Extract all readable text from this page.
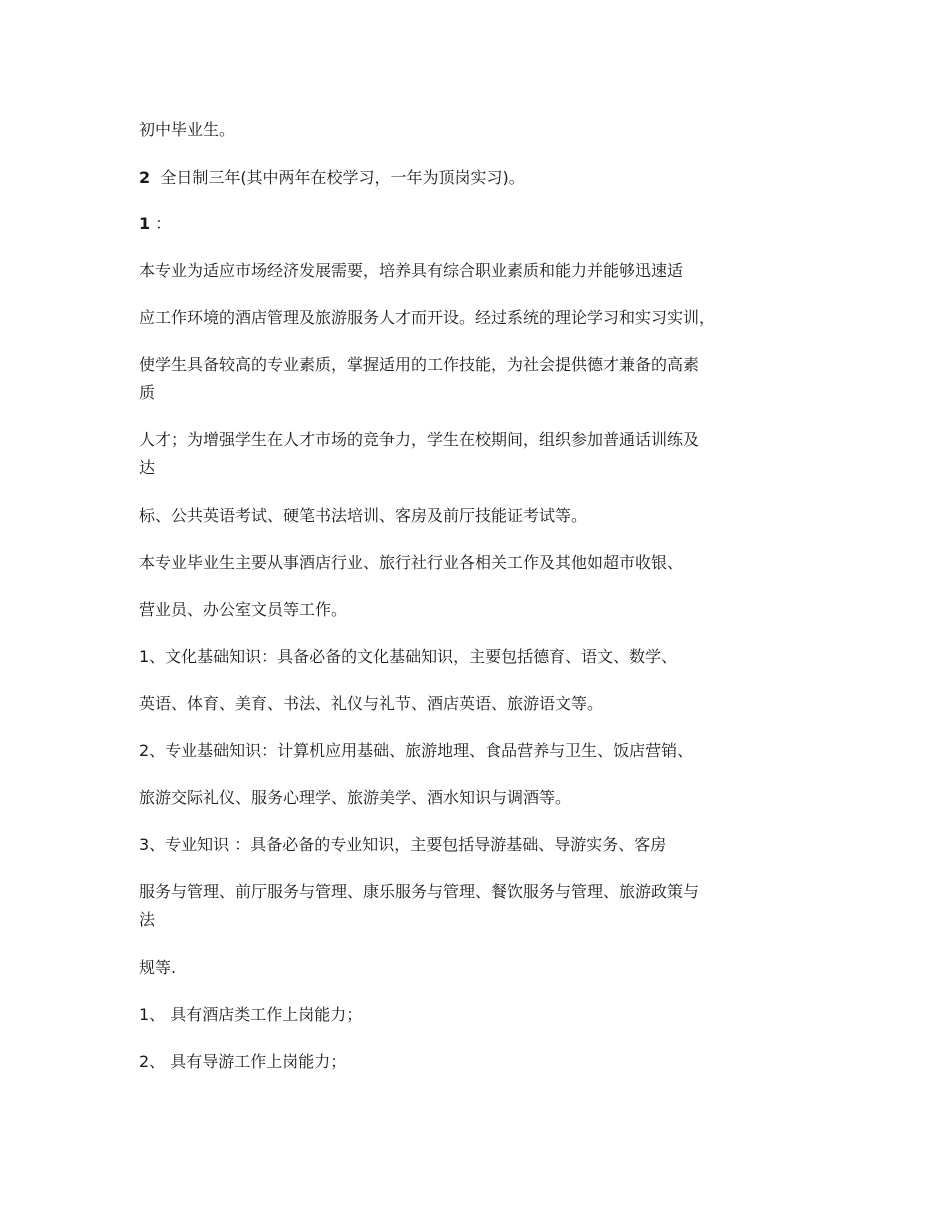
初中毕业生。
2 全日制三年(其中两年在校学习，一年为顶岗实习)。
1 ：
本专业为适应市场经济发展需要，培养具有综合职业素质和能力并能够迅速适
应工作环境的酒店管理及旅游服务人才而开设。经过系统的理论学习和实习实训，
使学生具备较高的专业素质，掌握适用的工作技能，为社会提供德才兼备的高素
质
人才；为增强学生在人才市场的竞争力，学生在校期间，组织参加普通话训练及
达
标、公共英语考试、硬笔书法培训、客房及前厅技能证考试等。
本专业毕业生主要从事酒店行业、旅行社行业各相关工作及其他如超市收银、
营业员、办公室文员等工作。
1、文化基础知识：具备必备的文化基础知识，主要包括德育、语文、数学、
英语、体育、美育、书法、礼仪与礼节、酒店英语、旅游语文等。
2、专业基础知识：计算机应用基础、旅游地理、食品营养与卫生、饭店营销、
旅游交际礼仪、服务心理学、旅游美学、酒水知识与调酒等。
3、专业知识 ：具备必备的专业知识，主要包括导游基础、导游实务、客房
服务与管理、前厅服务与管理、康乐服务与管理、餐饮服务与管理、旅游政策与
法
规等.
1、 具有酒店类工作上岗能力；
2、 具有导游工作上岗能力；
